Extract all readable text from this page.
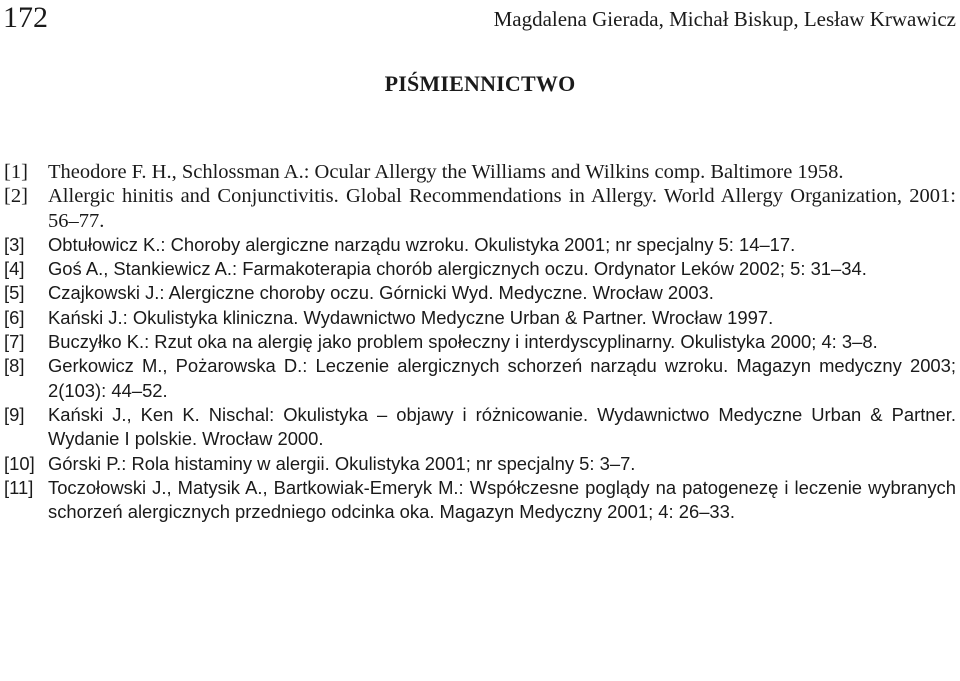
172	Magdalena Gierada, Michał Biskup, Lesław Krwawicz
PIŚMIENNICTWO
[1] Theodore F. H., Schlossman A.: Ocular Allergy the Williams and Wilkins comp. Baltimore 1958.
[2] Allergic hinitis and Conjunctivitis. Global Recommendations in Allergy. World Allergy Organization, 2001: 56–77.
[3] Obtułowicz K.: Choroby alergiczne narządu wzroku. Okulistyka 2001; nr specjalny 5: 14–17.
[4] Goś A., Stankiewicz A.: Farmakoterapia chorób alergicznych oczu. Ordynator Leków 2002; 5: 31–34.
[5] Czajkowski J.: Alergiczne choroby oczu. Górnicki Wyd. Medyczne. Wrocław 2003.
[6] Kański J.: Okulistyka kliniczna. Wydawnictwo Medyczne Urban & Partner. Wrocław 1997.
[7] Buczyłko K.: Rzut oka na alergię jako problem społeczny i interdyscyplinarny. Okulistyka 2000; 4: 3–8.
[8] Gerkowicz M., Pożarowska D.: Leczenie alergicznych schorzeń narządu wzroku. Magazyn medyczny 2003; 2(103): 44–52.
[9] Kański J., Ken K. Nischal: Okulistyka – objawy i różnicowanie. Wydawnictwo Medyczne Urban & Partner. Wydanie I polskie. Wrocław 2000.
[10] Górski P.: Rola histaminy w alergii. Okulistyka 2001; nr specjalny 5: 3–7.
[11] Toczołowski J., Matysik A., Bartkowiak-Emeryk M.: Współczesne poglądy na patogenezę i leczenie wybranych schorzeń alergicznych przedniego odcinka oka. Magazyn Medyczny 2001; 4: 26–33.
